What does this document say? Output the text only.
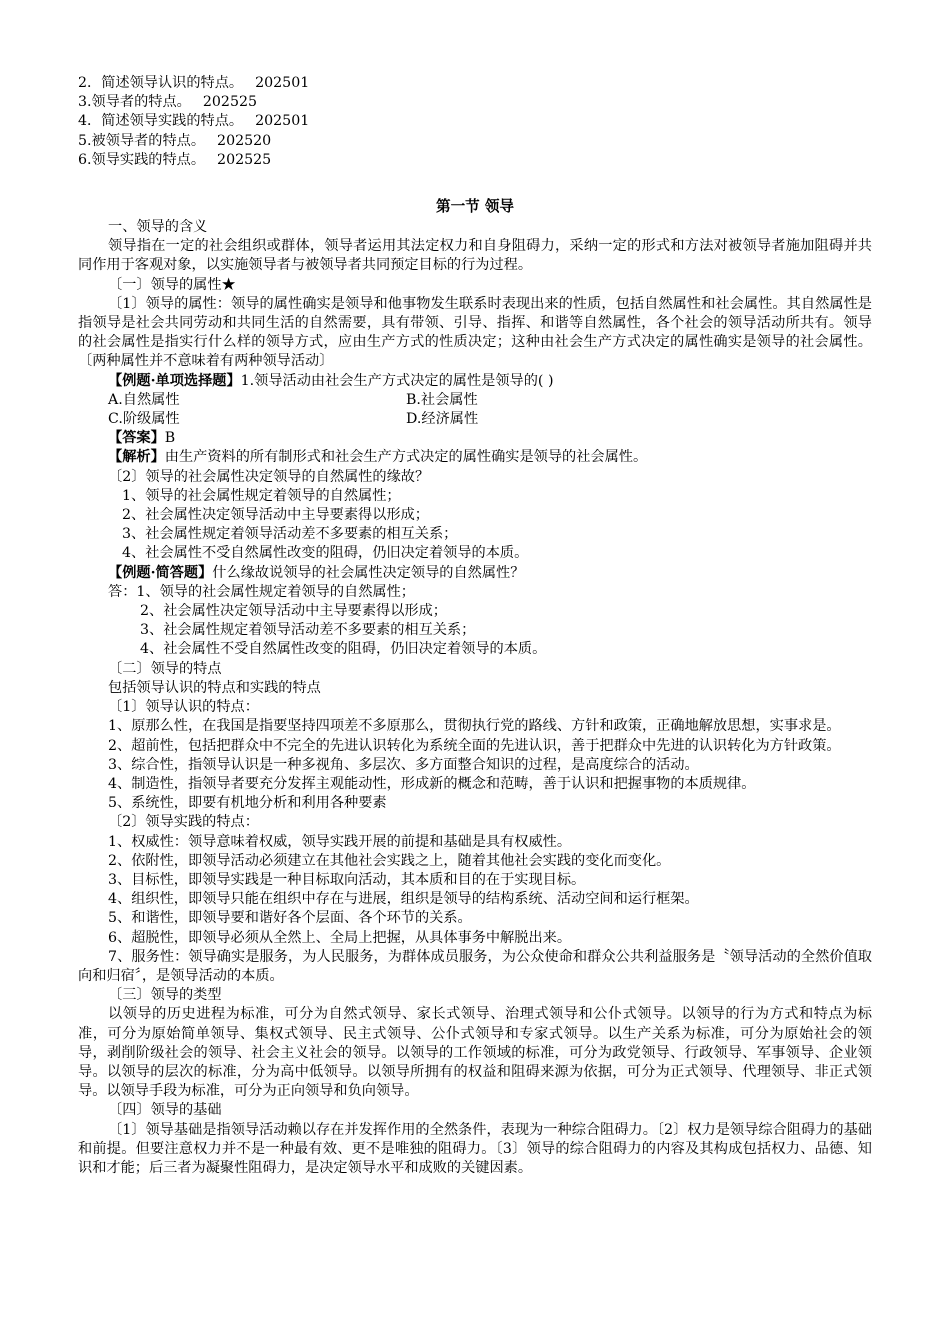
2．简述领导认识的特点。 202501

3.领导者的特点。 202525

4．简述领导实践的特点。 202501

5.被领导者的特点。 202520

6.领导实践的特点。 202525

第一节 领导

一、领导的含义

领导指在一定的社会组织或群体，领导者运用其法定权力和自身阻碍力，采纳一定的形式和方法对被领导者施加阻碍并共同作用于客观对象，以实施领导者与被领导者共同预定目标的行为过程。

〔一〕领导的属性★

〔1〕领导的属性：领导的属性确实是领导和他事物发生联系时表现出来的性质，包括自然属性和社会属性。其自然属性是指领导是社会共同劳动和共同生活的自然需要，具有带领、引导、指挥、和谐等自然属性，各个社会的领导活动所共有。领导的社会属性是指实行什么样的领导方式，应由生产方式的性质决定；这种由社会生产方式决定的属性确实是领导的社会属性。〔两种属性并不意味着有两种领导活动〕

【例题·单项选择题】1.领导活动由社会生产方式决定的属性是领导的( )

A.自然属性	B.社会属性
C.阶级属性	D.经济属性

【答案】B

【解析】由生产资料的所有制形式和社会生产方式决定的属性确实是领导的社会属性。

〔2〕领导的社会属性决定领导的自然属性的缘故？

1、领导的社会属性规定着领导的自然属性；

2、社会属性决定领导活动中主导要素得以形成；

3、社会属性规定着领导活动差不多要素的相互关系；

4、社会属性不受自然属性改变的阻碍，仍旧决定着领导的本质。

【例题·简答题】什么缘故说领导的社会属性决定领导的自然属性？

答：1、领导的社会属性规定着领导的自然属性；

2、社会属性决定领导活动中主导要素得以形成；

3、社会属性规定着领导活动差不多要素的相互关系；

4、社会属性不受自然属性改变的阻碍，仍旧决定着领导的本质。

〔二〕领导的特点

包括领导认识的特点和实践的特点

〔1〕领导认识的特点：

1、原那么性，在我国是指要坚持四项差不多原那么，贯彻执行党的路线、方针和政策，正确地解放思想，实事求是。

2、超前性，包括把群众中不完全的先进认识转化为系统全面的先进认识，善于把群众中先进的认识转化为方针政策。

3、综合性，指领导认识是一种多视角、多层次、多方面整合知识的过程，是高度综合的活动。

4、制造性，指领导者要充分发挥主观能动性，形成新的概念和范畴，善于认识和把握事物的本质规律。

5、系统性，即要有机地分析和利用各种要素

〔2〕领导实践的特点：

1、权威性：领导意味着权威，领导实践开展的前提和基础是具有权威性。

2、依附性，即领导活动必须建立在其他社会实践之上，随着其他社会实践的变化而变化。

3、目标性，即领导实践是一种目标取向活动，其本质和目的在于实现目标。

4、组织性，即领导只能在组织中存在与进展，组织是领导的结构系统、活动空间和运行框架。

5、和谐性，即领导要和谐好各个层面、各个环节的关系。

6、超脱性，即领导必须从全然上、全局上把握，从具体事务中解脱出来。

7、服务性：领导确实是服务，为人民服务，为群体成员服务，为公众使命和群众公共利益服务是〝领导活动的全然价值取向和归宿〞，是领导活动的本质。

〔三〕领导的类型

以领导的历史进程为标准，可分为自然式领导、家长式领导、治理式领导和公仆式领导。以领导的行为方式和特点为标准，可分为原始简单领导、集权式领导、民主式领导、公仆式领导和专家式领导。以生产关系为标准，可分为原始社会的领导，剥削阶级社会的领导、社会主义社会的领导。以领导的工作领域的标准，可分为政党领导、行政领导、军事领导、企业领导。以领导的层次的标准，分为高中低领导。以领导所拥有的权益和阻碍来源为依据，可分为正式领导、代理领导、非正式领导。以领导手段为标准，可分为正向领导和负向领导。

〔四〕领导的基础

〔1〕领导基础是指领导活动赖以存在并发挥作用的全然条件，表现为一种综合阻碍力。〔2〕权力是领导综合阻碍力的基础和前提。但要注意权力并不是一种最有效、更不是唯独的阻碍力。〔3〕领导的综合阻碍力的内容及其构成包括权力、品德、知识和才能；后三者为凝聚性阻碍力，是决定领导水平和成败的关键因素。
